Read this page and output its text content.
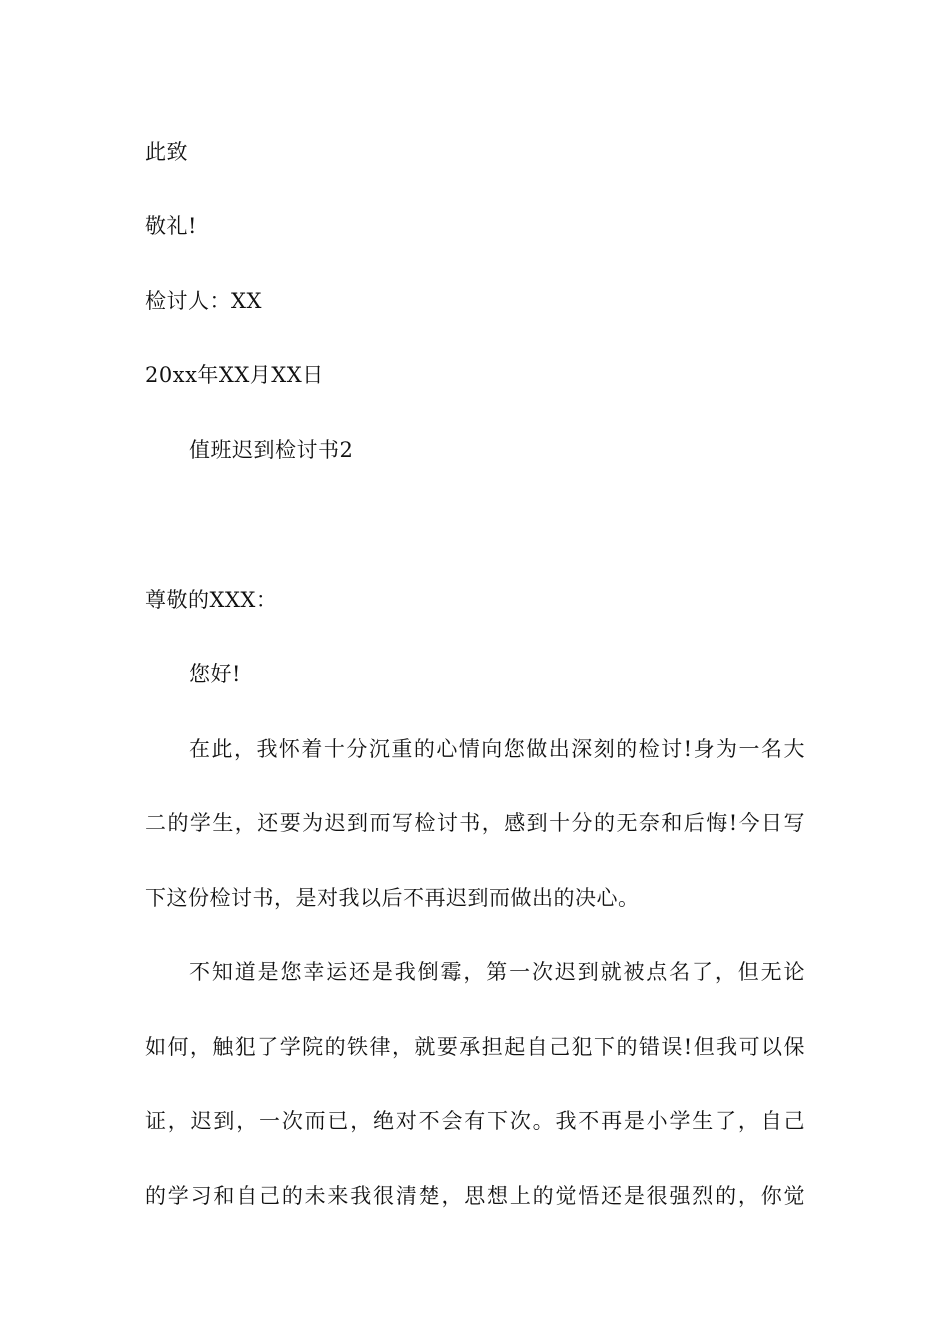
此致
敬礼!
检讨人：XX
20xx年XX月XX日
值班迟到检讨书2
尊敬的XXX：
您好!
在此，我怀着十分沉重的心情向您做出深刻的检讨!身为一名大
二的学生，还要为迟到而写检讨书，感到十分的无奈和后悔!今日写
下这份检讨书，是对我以后不再迟到而做出的决心。
不知道是您幸运还是我倒霉，第一次迟到就被点名了，但无论
如何，触犯了学院的铁律，就要承担起自己犯下的错误!但我可以保
证，迟到，一次而已，绝对不会有下次。我不再是小学生了，自己
的学习和自己的未来我很清楚，思想上的觉悟还是很强烈的，你觉
